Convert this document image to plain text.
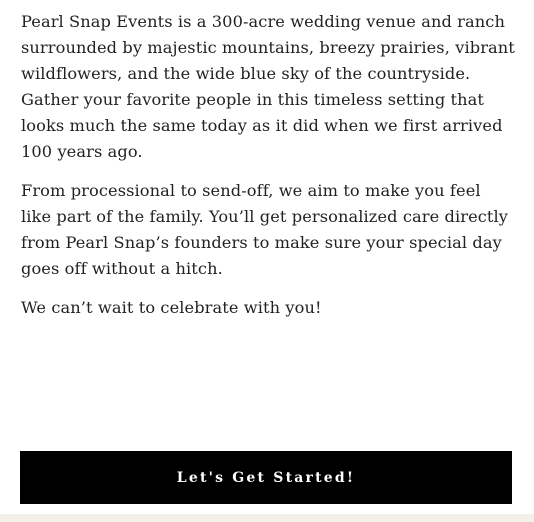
Pearl Snap Events is a 300-acre wedding venue and ranch surrounded by majestic mountains, breezy prairies, vibrant wildflowers, and the wide blue sky of the countryside. Gather your favorite people in this timeless setting that looks much the same today as it did when we first arrived 100 years ago.

From processional to send-off, we aim to make you feel like part of the family. You’ll get personalized care directly from Pearl Snap’s founders to make sure your special day goes off without a hitch.

We can’t wait to celebrate with you!

Let's Get Started!
